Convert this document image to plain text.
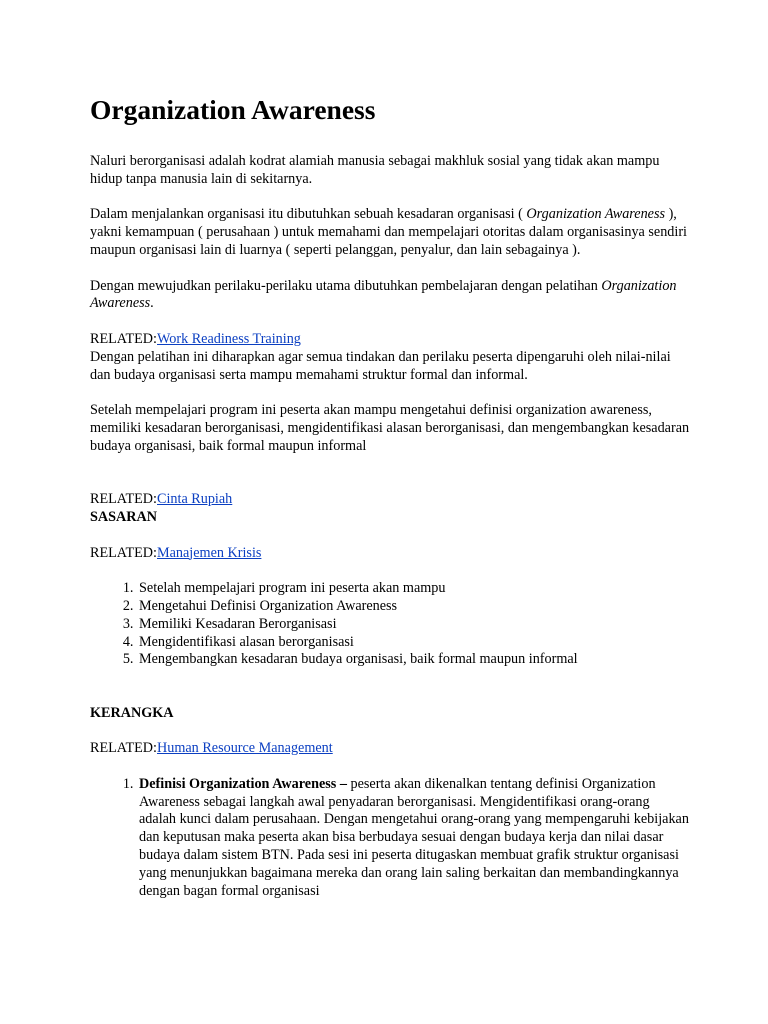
Organization Awareness

Naluri berorganisasi adalah kodrat alamiah manusia sebagai makhluk sosial yang tidak akan mampu hidup tanpa manusia lain di sekitarnya.

Dalam menjalankan organisasi itu dibutuhkan sebuah kesadaran organisasi ( Organization Awareness ), yakni kemampuan ( perusahaan ) untuk memahami dan mempelajari otoritas dalam organisasinya sendiri maupun organisasi lain di luarnya ( seperti pelanggan, penyalur, dan lain sebagainya ).

Dengan mewujudkan perilaku-perilaku utama dibutuhkan pembelajaran dengan pelatihan Organization Awareness.

RELATED:Work Readiness Training

Dengan pelatihan ini diharapkan agar semua tindakan dan perilaku peserta dipengaruhi oleh nilai-nilai dan budaya organisasi serta mampu memahami struktur formal dan informal.

Setelah mempelajari program ini peserta akan mampu mengetahui definisi organization awareness, memiliki kesadaran berorganisasi, mengidentifikasi alasan berorganisasi, dan mengembangkan kesadaran budaya organisasi, baik formal maupun informal

RELATED:Cinta Rupiah

SASARAN

RELATED:Manajemen Krisis

1. Setelah mempelajari program ini peserta akan mampu
2. Mengetahui Definisi Organization Awareness
3. Memiliki Kesadaran Berorganisasi
4. Mengidentifikasi alasan berorganisasi
5. Mengembangkan kesadaran budaya organisasi, baik formal maupun informal

KERANGKA

RELATED:Human Resource Management

1. Definisi Organization Awareness – peserta akan dikenalkan tentang definisi Organization Awareness sebagai langkah awal penyadaran berorganisasi. Mengidentifikasi orang-orang adalah kunci dalam perusahaan. Dengan mengetahui orang-orang yang mempengaruhi kebijakan dan keputusan maka peserta akan bisa berbudaya sesuai dengan budaya kerja dan nilai dasar budaya dalam sistem BTN. Pada sesi ini peserta ditugaskan membuat grafik struktur organisasi yang menunjukkan bagaimana mereka dan orang lain saling berkaitan dan membandingkannya dengan bagan formal organisasi
